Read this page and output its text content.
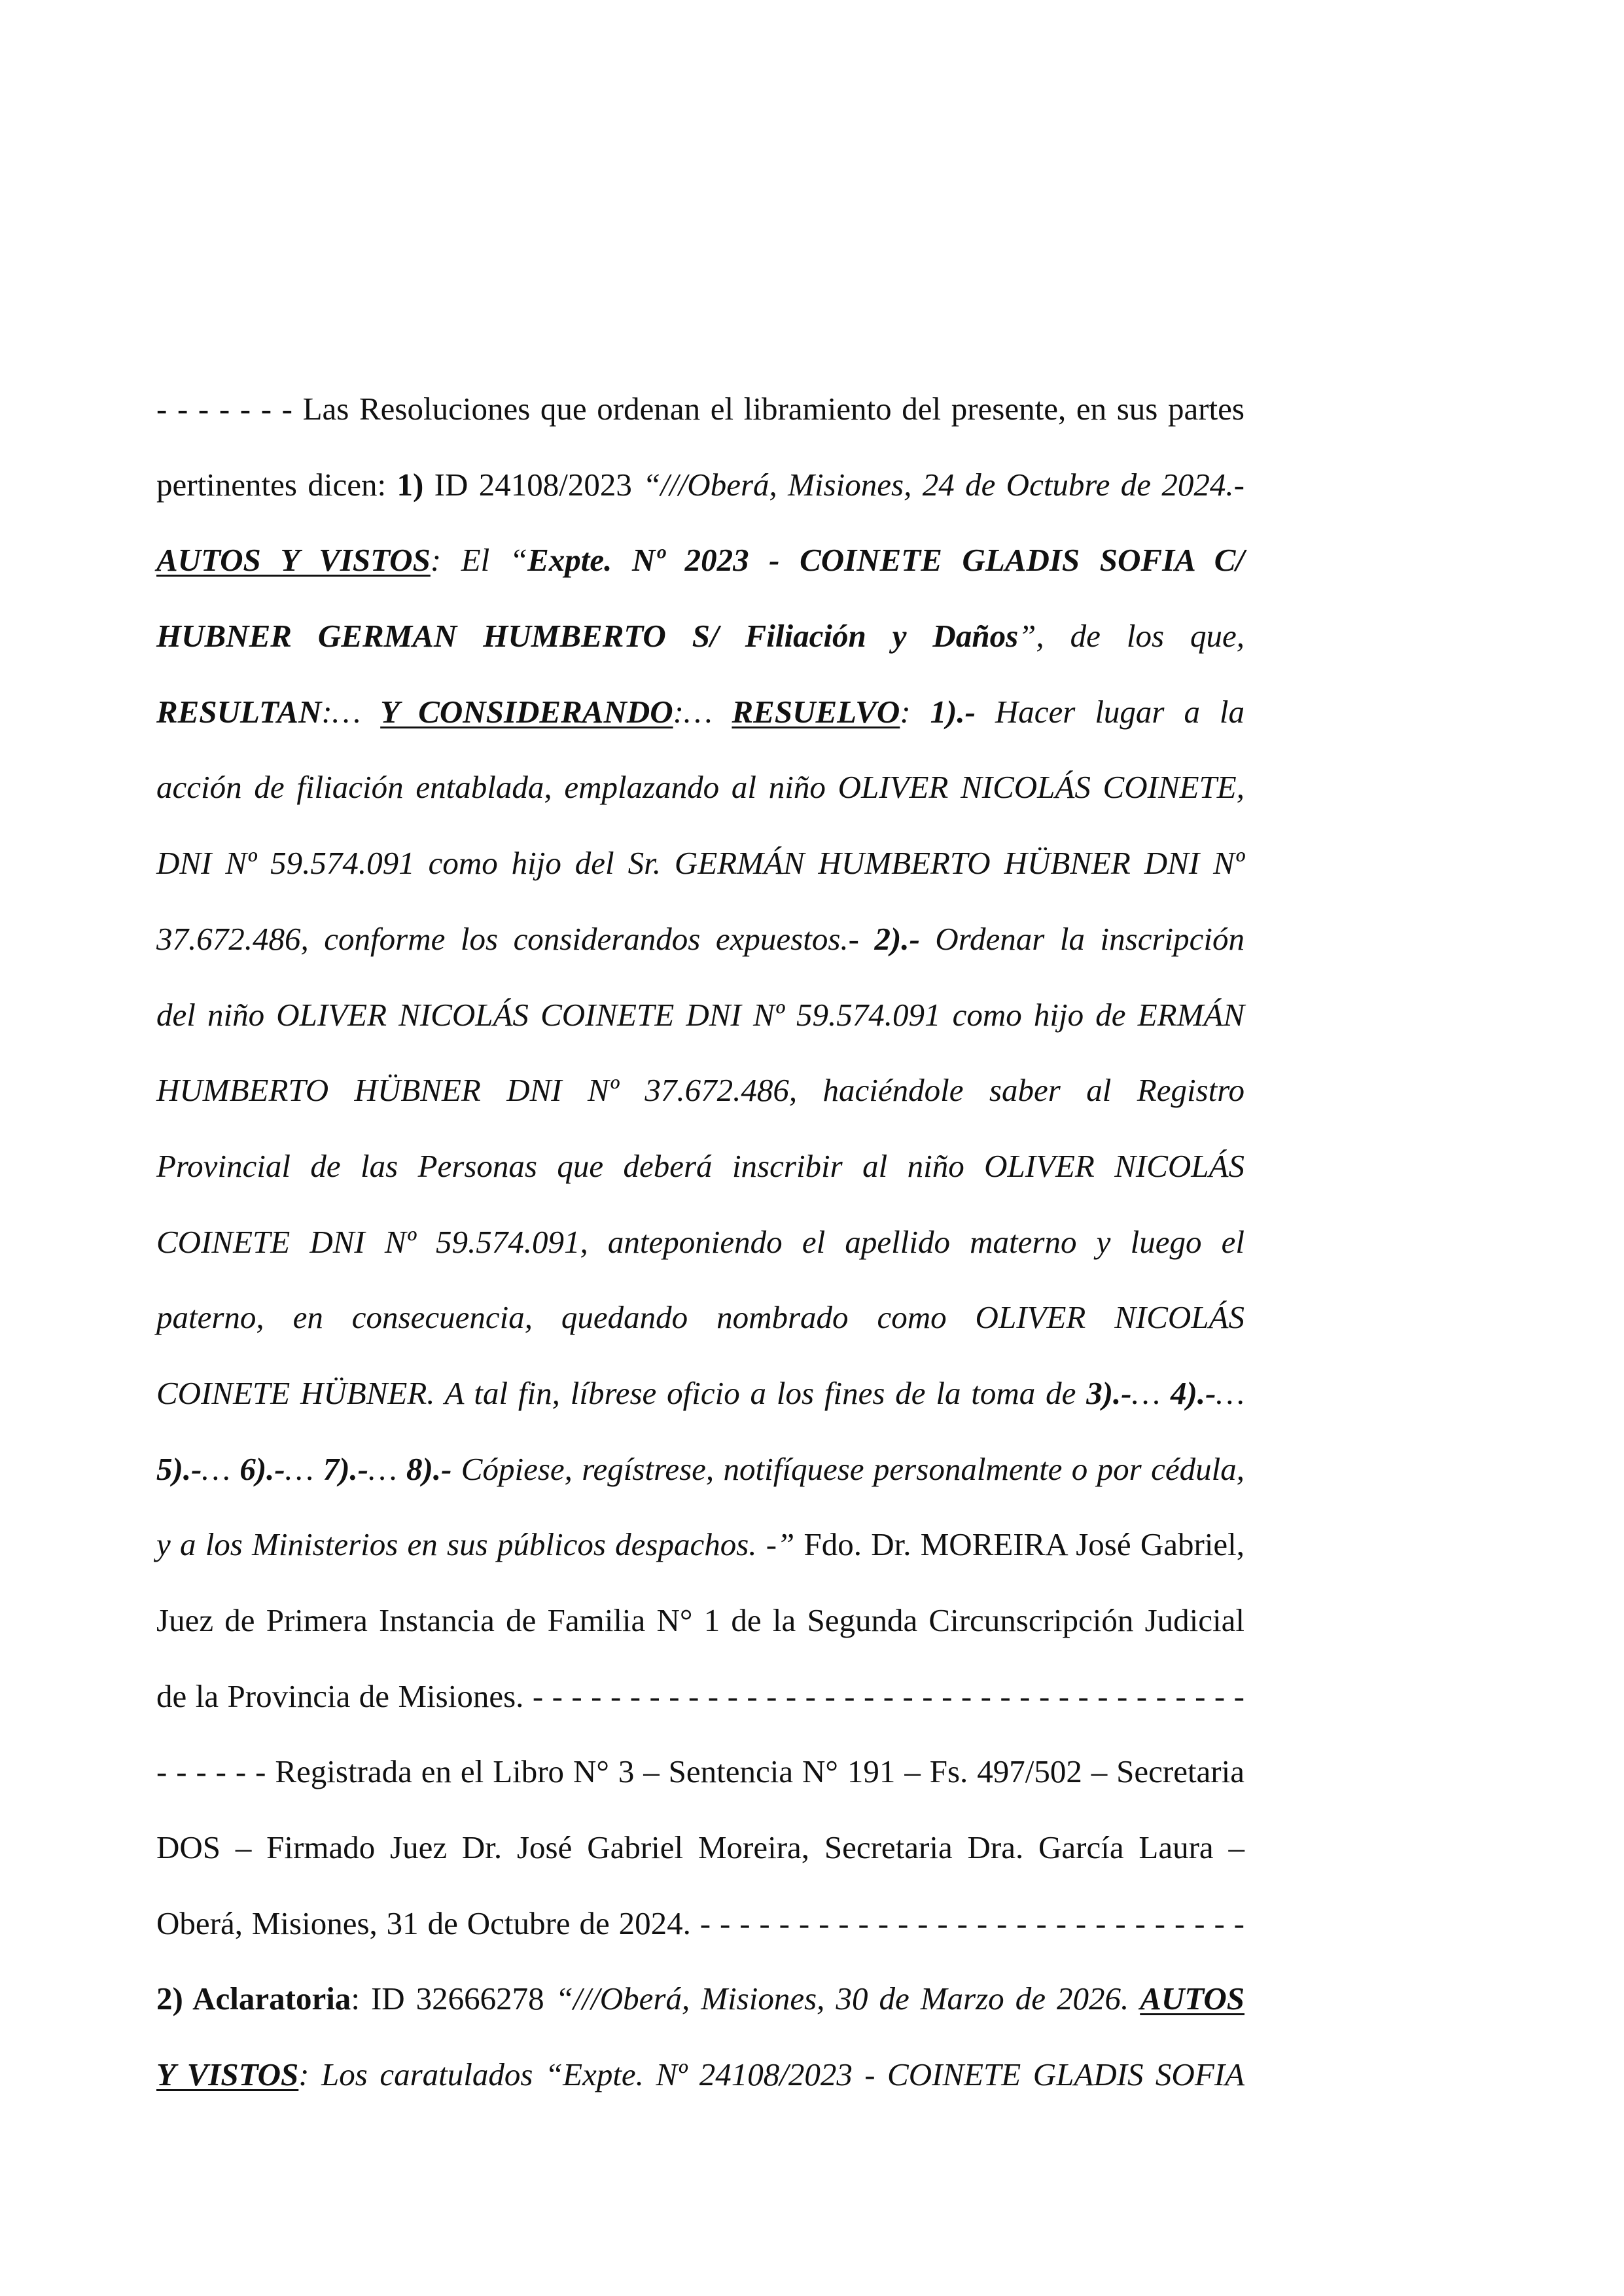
- - - - - - - Las Resoluciones que ordenan el libramiento del presente, en sus partes
pertinentes dicen: 1) ID 24108/2023 “///Oberá, Misiones, 24 de Octubre de 2024.-
AUTOS Y VISTOS: El “Expte. Nº 2023 - COINETE GLADIS SOFIA C/
HUBNER GERMAN HUMBERTO S/ Filiación y Daños”, de los que,
RESULTAN:… Y CONSIDERANDO:… RESUELVO: 1).- Hacer lugar a la
acción de filiación entablada, emplazando al niño OLIVER NICOLÁS COINETE,
DNI Nº 59.574.091 como hijo del Sr. GERMÁN HUMBERTO HÜBNER DNI Nº
37.672.486, conforme los considerandos expuestos.- 2).- Ordenar la inscripción
del niño OLIVER NICOLÁS COINETE DNI Nº 59.574.091 como hijo de ERMÁN
HUMBERTO HÜBNER DNI Nº 37.672.486, haciéndole saber al Registro
Provincial de las Personas que deberá inscribir al niño OLIVER NICOLÁS
COINETE DNI Nº 59.574.091, anteponiendo el apellido materno y luego el
paterno, en consecuencia, quedando nombrado como OLIVER NICOLÁS
COINETE HÜBNER. A tal fin, líbrese oficio a los fines de la toma de 3).-… 4).-…
5).-… 6).-… 7).-… 8).- Cópiese, regístrese, notifíquese personalmente o por cédula,
y a los Ministerios en sus públicos despachos. -” Fdo. Dr. MOREIRA José Gabriel,
Juez de Primera Instancia de Familia N° 1 de la Segunda Circunscripción Judicial
de la Provincia de Misiones. - - - - - - - - - - - - - - - - - - - - - - - - - - - - - - - - - - - - -
- - - - - - Registrada en el Libro N° 3 – Sentencia N° 191 – Fs. 497/502 – Secretaria
DOS – Firmado Juez Dr. José Gabriel Moreira, Secretaria Dra. García Laura –
Oberá, Misiones, 31 de Octubre de 2024. - - - - - - - - - - - - - - - - - - - - - - - - - - - -
2) Aclaratoria: ID 32666278 “///Oberá, Misiones, 30 de Marzo de 2026. AUTOS
Y VISTOS: Los caratulados “Expte. Nº 24108/2023 - COINETE GLADIS SOFIA
